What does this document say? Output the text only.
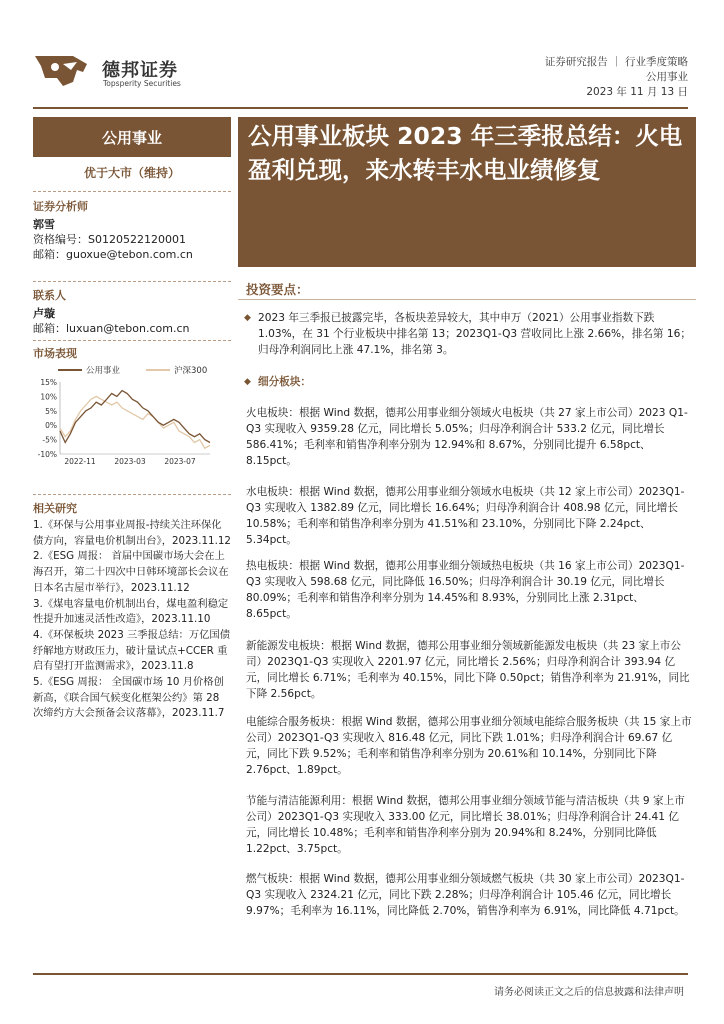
德邦证券
Topsperity Securities
证券研究报告 ｜ 行业季度策略
公用事业
2023 年 11 月 13 日
公用事业
优于大市（维持）
证券分析师
郭雪
资格编号：S0120522120001
邮箱：guoxue@tebon.com.cn
联系人
卢璇
邮箱：luxuan@tebon.com.cn
市场表现
公用事业	沪深300
15%
10%
5%
0%
-5%
-10%
2022-11 2023-03 2023-07
相关研究

1.《环保与公用事业周报-持续关注环保化债方向，容量电价机制出台》，2023.11.12

2.《ESG 周报： 首届中国碳市场大会在上海召开，第二十四次中日韩环境部长会议在日本名古屋市举行》，2023.11.12

3.《煤电容量电价机制出台，煤电盈利稳定性提升加速灵活性改造》，2023.11.10

4.《环保板块 2023 三季报总结：万亿国债纾解地方财政压力，破计量试点+CCER 重启有望打开监测需求》，2023.11.8

5.《ESG 周报： 全国碳市场 10 月价格创新高，《联合国气候变化框架公约》第 28 次缔约方大会预备会议落幕》，2023.11.7

公用事业板块 2023 年三季报总结：火电盈利兑现，来水转丰水电业绩修复
投资要点：
◆ 2023 年三季报已披露完毕，各板块差异较大，其中申万（2021）公用事业指数下跌 1.03%，在 31 个行业板块中排名第 13；2023Q1-Q3 营收同比上涨 2.66%，排名第 16；归母净利润同比上涨 47.1%，排名第 3。
◆ 细分板块：
火电板块：根据 Wind 数据，德邦公用事业细分领域火电板块（共 27 家上市公司）2023 Q1-Q3 实现收入 9359.28 亿元，同比增长 5.05%；归母净利润合计 533.2 亿元，同比增长 586.41%；毛利率和销售净利率分别为 12.94%和 8.67%，分别同比提升 6.58pct、8.15pct。
水电板块：根据 Wind 数据，德邦公用事业细分领域水电板块（共 12 家上市公司）2023Q1-Q3 实现收入 1382.89 亿元，同比增长 16.64%；归母净利润合计 408.98 亿元，同比增长 10.58%；毛利率和销售净利率分别为 41.51%和 23.10%，分别同比下降 2.24pct、5.34pct。
热电板块：根据 Wind 数据，德邦公用事业细分领域热电板块（共 16 家上市公司）2023Q1-Q3 实现收入 598.68 亿元，同比降低 16.50%；归母净利润合计 30.19 亿元，同比增长 80.09%；毛利率和销售净利率分别为 14.45%和 8.93%，分别同比上涨 2.31pct、8.65pct。
新能源发电板块：根据 Wind 数据，德邦公用事业细分领域新能源发电板块（共 23 家上市公司）2023Q1-Q3 实现收入 2201.97 亿元，同比增长 2.56%；归母净利润合计 393.94 亿元，同比增长 6.71%；毛利率为 40.15%，同比下降 0.50pct；销售净利率为 21.91%，同比下降 2.56pct。
电能综合服务板块：根据 Wind 数据，德邦公用事业细分领域电能综合服务板块（共 15 家上市公司）2023Q1-Q3 实现收入 816.48 亿元，同比下跌 1.01%；归母净利润合计 69.67 亿元，同比下跌 9.52%；毛利率和销售净利率分别为 20.61%和 10.14%，分别同比下降 2.76pct、1.89pct。
节能与清洁能源利用：根据 Wind 数据，德邦公用事业细分领域节能与清洁板块（共 9 家上市公司）2023Q1-Q3 实现收入 333.00 亿元，同比增长 38.01%；归母净利润合计 24.41 亿元，同比增长 10.48%；毛利率和销售净利率分别为 20.94%和 8.24%，分别同比降低 1.22pct、3.75pct。
燃气板块：根据 Wind 数据，德邦公用事业细分领域燃气板块（共 30 家上市公司）2023Q1-Q3 实现收入 2324.21 亿元，同比下跌 2.28%；归母净利润合计 105.46 亿元，同比增长 9.97%；毛利率为 16.11%，同比降低 2.70%，销售净利率为 6.91%，同比降低 4.71pct。
请务必阅读正文之后的信息披露和法律声明
